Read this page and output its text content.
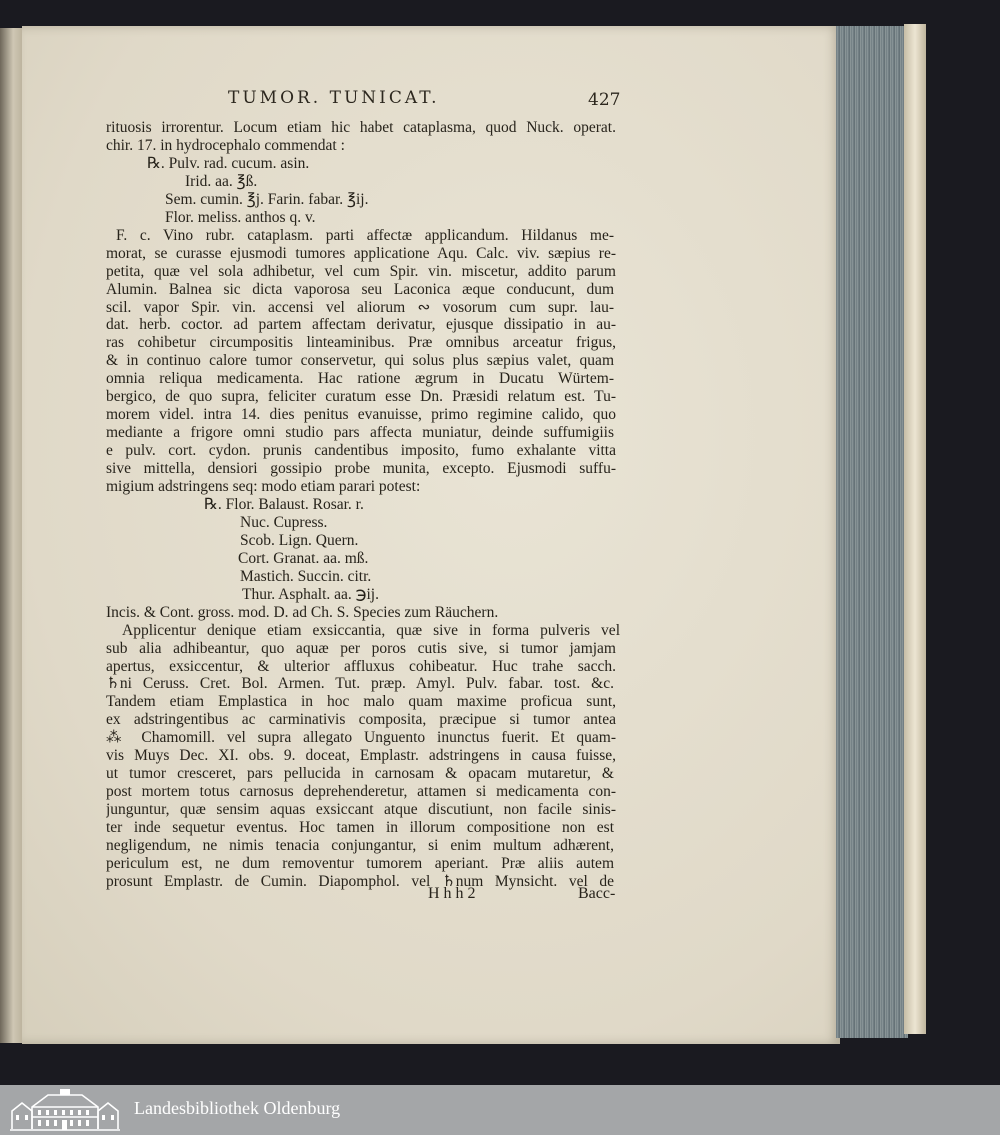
TUMOR. TUNICAT.	427
rituosis irrorentur. Locum etiam hic habet cataplasma, quod Nuck. operat.
chir. 17. in hydrocephalo commendat :
℞. Pulv. rad. cucum. asin.
Irid. aa. ℥ß.
Sem. cumin. ℥j. Farin. fabar. ℥ij.
Flor. meliss. anthos q. v.
F. c. Vino rubr. cataplasm. parti affectæ applicandum. Hildanus me-
morat, se curasse ejusmodi tumores applicatione Aqu. Calc. viv. sæpius re-
petita, quæ vel sola adhibetur, vel cum Spir. vin. miscetur, addito parum
Alumin. Balnea sic dicta vaporosa seu Laconica æque conducunt, dum
scil. vapor Spir. vin. accensi vel aliorum ∾ vosorum cum supr. lau-
dat. herb. coctor. ad partem affectam derivatur, ejusque dissipatio in au-
ras cohibetur circumpositis linteaminibus. Præ omnibus arceatur frigus,
& in continuo calore tumor conservetur, qui solus plus sæpius valet, quam
omnia reliqua medicamenta. Hac ratione ægrum in Ducatu Würtem-
bergico, de quo supra, feliciter curatum esse Dn. Præsidi relatum est. Tu-
morem videl. intra 14. dies penitus evanuisse, primo regimine calido, quo
mediante a frigore omni studio pars affecta muniatur, deinde suffumigiis
e pulv. cort. cydon. prunis candentibus imposito, fumo exhalante vitta
sive mittella, densiori gossipio probe munita, excepto. Ejusmodi suffu-
migium adstringens seq: modo etiam parari potest:
℞. Flor. Balaust. Rosar. r.
Nuc. Cupress.
Scob. Lign. Quern.
Cort. Granat. aa. mß.
Mastich. Succin. citr.
Thur. Asphalt. aa. ℈ij.
Incis. & Cont. gross. mod. D. ad Ch. S. Species zum Räuchern.
Applicentur denique etiam exsiccantia, quæ sive in forma pulveris vel
sub alia adhibeantur, quo aquæ per poros cutis sive, si tumor jamjam
apertus, exsiccentur, & ulterior affluxus cohibeatur. Huc trahe sacch.
♄ni Ceruss. Cret. Bol. Armen. Tut. præp. Amyl. Pulv. fabar. tost. &c.
Tandem etiam Emplastica in hoc malo quam maxime proficua sunt,
ex adstringentibus ac carminativis composita, præcipue si tumor antea
⁂ Chamomill. vel supra allegato Unguento inunctus fuerit. Et quam-
vis Muys Dec. XI. obs. 9. doceat, Emplastr. adstringens in causa fuisse,
ut tumor cresceret, pars pellucida in carnosam & opacam mutaretur, &
post mortem totus carnosus deprehenderetur, attamen si medicamenta con-
junguntur, quæ sensim aquas exsiccant atque discutiunt, non facile sinis-
ter inde sequetur eventus. Hoc tamen in illorum compositione non est
negligendum, ne nimis tenacia conjungantur, si enim multum adhærent,
periculum est, ne dum removentur tumorem aperiant. Præ aliis autem
prosunt Emplastr. de Cumin. Diapomphol. vel ♄num Mynsicht. vel de
H h h 2	Bacc-
Landesbibliothek Oldenburg
